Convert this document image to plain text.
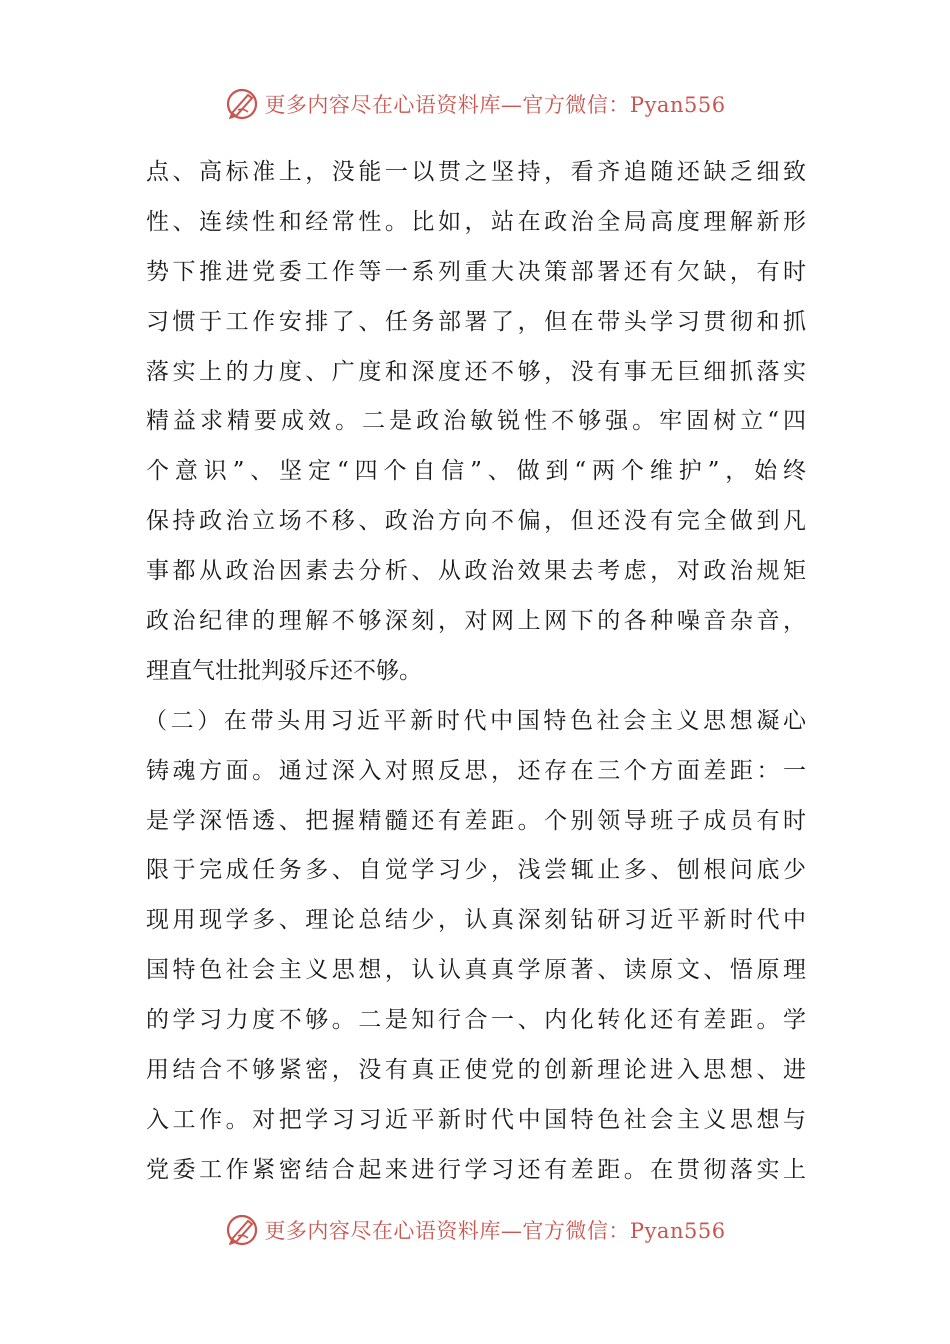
更多内容尽在心语资料库—官方微信：Pyan556
点、高标准上，没能一以贯之坚持，看齐追随还缺乏细致
性、连续性和经常性。比如，站在政治全局高度理解新形
势下推进党委工作等一系列重大决策部署还有欠缺，有时
习惯于工作安排了、任务部署了，但在带头学习贯彻和抓
落实上的力度、广度和深度还不够，没有事无巨细抓落实
精益求精要成效。二是政治敏锐性不够强。牢固树立“四
个意识”、坚定“四个自信”、做到“两个维护”，始终
保持政治立场不移、政治方向不偏，但还没有完全做到凡
事都从政治因素去分析、从政治效果去考虑，对政治规矩
政治纪律的理解不够深刻，对网上网下的各种噪音杂音，
理直气壮批判驳斥还不够。
（二）在带头用习近平新时代中国特色社会主义思想凝心
铸魂方面。通过深入对照反思，还存在三个方面差距：一
是学深悟透、把握精髓还有差距。个别领导班子成员有时
限于完成任务多、自觉学习少，浅尝辄止多、刨根问底少
现用现学多、理论总结少，认真深刻钻研习近平新时代中
国特色社会主义思想，认认真真学原著、读原文、悟原理
的学习力度不够。二是知行合一、内化转化还有差距。学
用结合不够紧密，没有真正使党的创新理论进入思想、进
入工作。对把学习习近平新时代中国特色社会主义思想与
党委工作紧密结合起来进行学习还有差距。在贯彻落实上
更多内容尽在心语资料库—官方微信：Pyan556
